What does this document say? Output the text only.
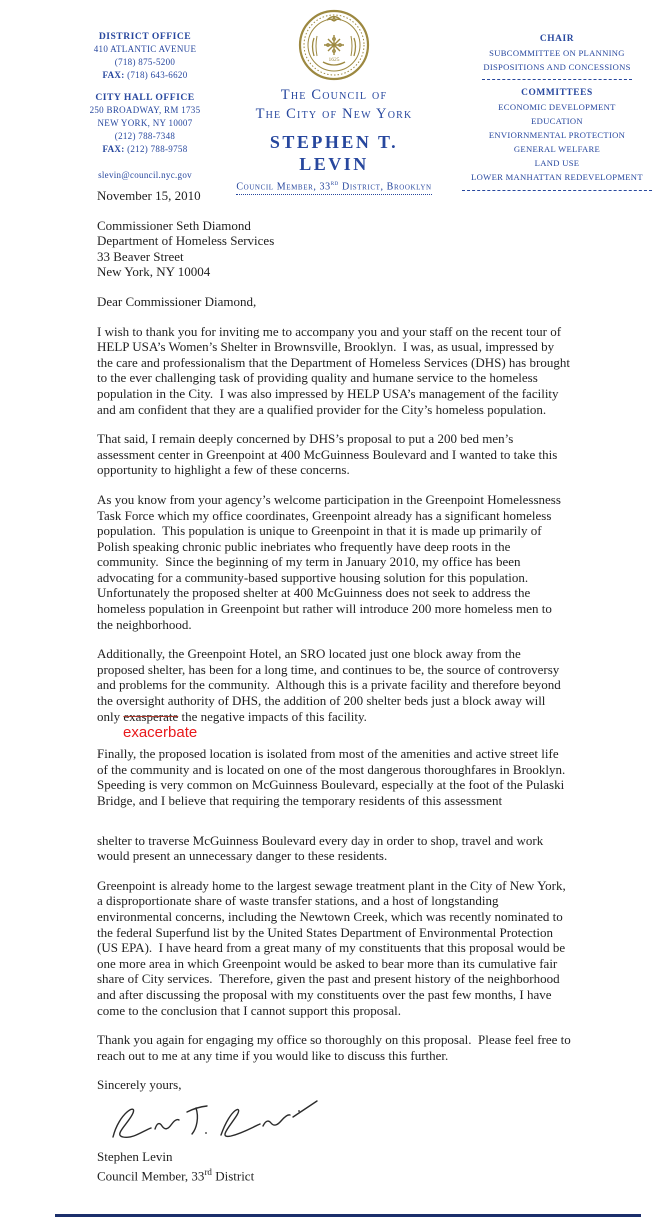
DISTRICT OFFICE
410 ATLANTIC AVENUE
(718) 875-5200
FAX: (718) 643-6620
CITY HALL OFFICE
250 BROADWAY, RM 1735
NEW YORK, NY 10007
(212) 788-7348
FAX: (212) 788-9758
slevin@council.nyc.gov
1625
The Council of
The City of New York
STEPHEN T. LEVIN
Council Member, 33rd District, Brooklyn
CHAIR
SUBCOMMITTEE ON PLANNING
DISPOSITIONS AND CONCESSIONS
COMMITTEES
ECONOMIC DEVELOPMENT
EDUCATION
ENVIORNMENTAL PROTECTION
GENERAL WELFARE
LAND USE
LOWER MANHATTAN REDEVELOPMENT
November 15, 2010
Commissioner Seth Diamond
Department of Homeless Services
33 Beaver Street
New York, NY 10004
Dear Commissioner Diamond,

I wish to thank you for inviting me to accompany you and your staff on the recent tour of HELP USA’s Women’s Shelter in Brownsville, Brooklyn.  I was, as usual, impressed by the care and professionalism that the Department of Homeless Services (DHS) has brought to the ever challenging task of providing quality and humane service to the homeless population in the City.  I was also impressed by HELP USA’s management of the facility and am confident that they are a qualified provider for the City’s homeless population.

That said, I remain deeply concerned by DHS’s proposal to put a 200 bed men’s assessment center in Greenpoint at 400 McGuinness Boulevard and I wanted to take this opportunity to highlight a few of these concerns.

As you know from your agency’s welcome participation in the Greenpoint Homelessness Task Force which my office coordinates, Greenpoint already has a significant homeless population.  This population is unique to Greenpoint in that it is made up primarily of Polish speaking chronic public inebriates who frequently have deep roots in the community.  Since the beginning of my term in January 2010, my office has been advocating for a community-based supportive housing solution for this population.  Unfortunately the proposed shelter at 400 McGuinness does not seek to address the homeless population in Greenpoint but rather will introduce 200 more homeless men to the neighborhood.

Additionally, the Greenpoint Hotel, an SRO located just one block away from the proposed shelter, has been for a long time, and continues to be, the source of controversy and problems for the community.  Although this is a private facility and therefore beyond the oversight authority of DHS, the addition of 200 shelter beds just a block away will only exasperate the negative impacts of this facility.

exacerbate

Finally, the proposed location is isolated from most of the amenities and active street life of the community and is located on one of the most dangerous thoroughfares in Brooklyn.  Speeding is very common on McGuinness Boulevard, especially at the foot of the Pulaski Bridge, and I believe that requiring the temporary residents of this assessment

shelter to traverse McGuinness Boulevard every day in order to shop, travel and work would present an unnecessary danger to these residents.

Greenpoint is already home to the largest sewage treatment plant in the City of New York, a disproportionate share of waste transfer stations, and a host of longstanding environmental concerns, including the Newtown Creek, which was recently nominated to the federal Superfund list by the United States Department of Environmental Protection (US EPA).  I have heard from a great many of my constituents that this proposal would be one more area in which Greenpoint would be asked to bear more than its cumulative fair share of City services.  Therefore, given the past and present history of the neighborhood and after discussing the proposal with my constituents over the past few months, I have come to the conclusion that I cannot support this proposal.

Thank you again for engaging my office so thoroughly on this proposal.  Please feel free to reach out to me at any time if you would like to discuss this further.

Sincerely yours,
Stephen Levin
Council Member, 33rd District
